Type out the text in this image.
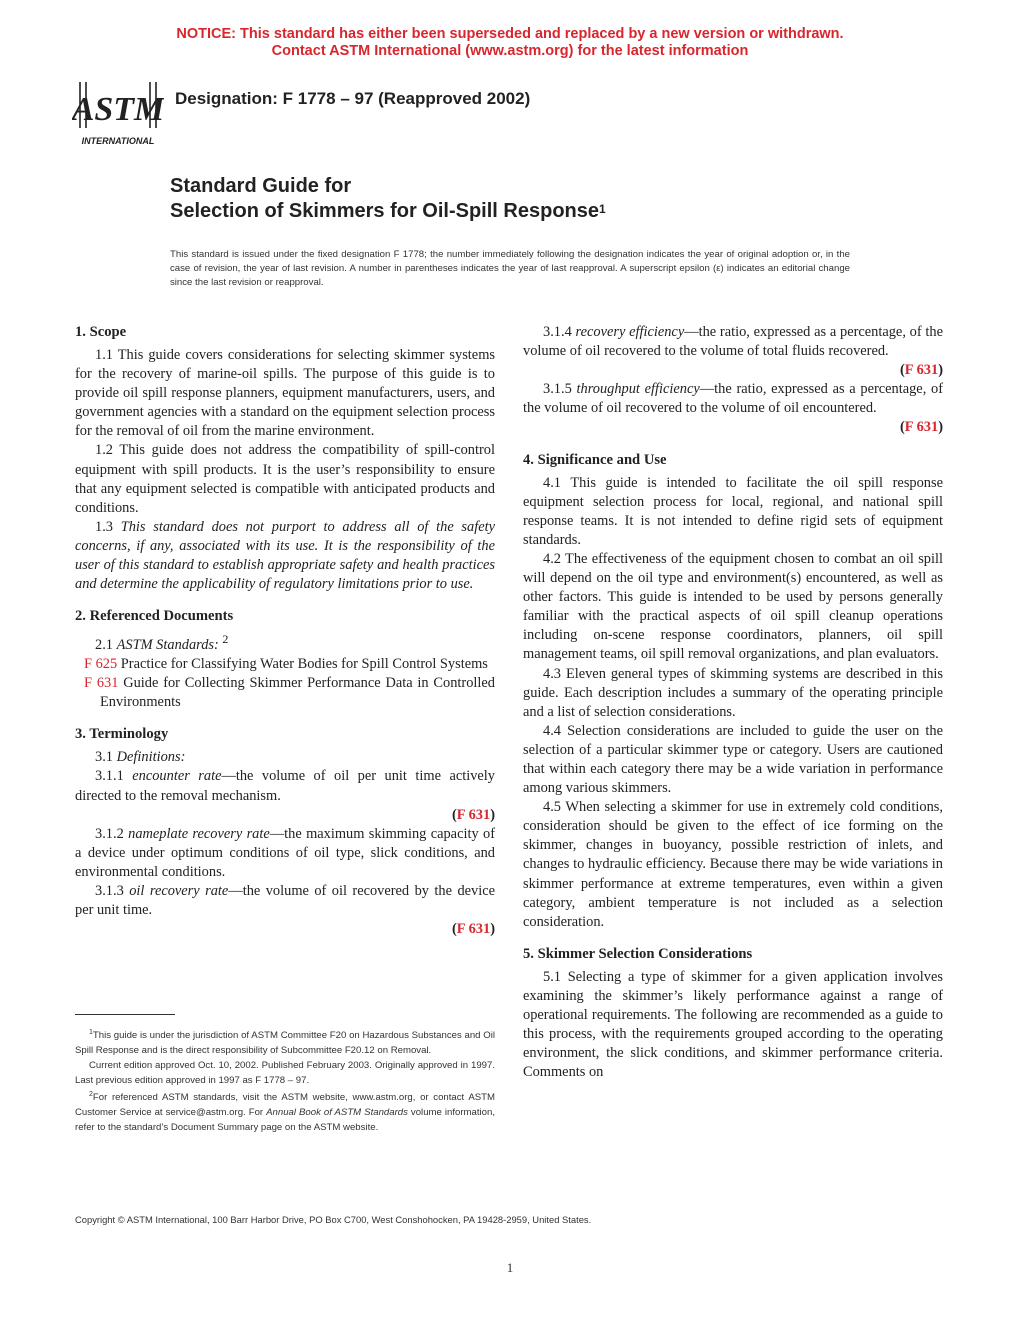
NOTICE: This standard has either been superseded and replaced by a new version or withdrawn.
Contact ASTM International (www.astm.org) for the latest information
ASTM
INTERNATIONAL
Designation: F 1778 – 97 (Reapproved 2002)
Standard Guide for
Selection of Skimmers for Oil-Spill Response$^1$
This standard is issued under the fixed designation F 1778; the number immediately following the designation indicates the year of original adoption or, in the case of revision, the year of last revision. A number in parentheses indicates the year of last reapproval. A superscript epsilon (ε) indicates an editorial change since the last revision or reapproval.
1. Scope

1.1 This guide covers considerations for selecting skimmer systems for the recovery of marine-oil spills. The purpose of this guide is to provide oil spill response planners, equipment manufacturers, users, and government agencies with a standard on the equipment selection process for the removal of oil from the marine environment.

1.2 This guide does not address the compatibility of spill-control equipment with spill products. It is the user’s responsibility to ensure that any equipment selected is compatible with anticipated products and conditions.

1.3 This standard does not purport to address all of the safety concerns, if any, associated with its use. It is the responsibility of the user of this standard to establish appropriate safety and health practices and determine the applicability of regulatory limitations prior to use.

2. Referenced Documents

2.1 ASTM Standards: $^2$

F 625 Practice for Classifying Water Bodies for Spill Control Systems

F 631 Guide for Collecting Skimmer Performance Data in Controlled Environments

3. Terminology

3.1 Definitions:

3.1.1 encounter rate—the volume of oil per unit time actively directed to the removal mechanism.

(F 631)

3.1.2 nameplate recovery rate—the maximum skimming capacity of a device under optimum conditions of oil type, slick conditions, and environmental conditions.

3.1.3 oil recovery rate—the volume of oil recovered by the device per unit time.

(F 631)

3.1.4 recovery efficiency—the ratio, expressed as a percentage, of the volume of oil recovered to the volume of total fluids recovered.

(F 631)

3.1.5 throughput efficiency—the ratio, expressed as a percentage, of the volume of oil recovered to the volume of oil encountered.

(F 631)

4. Significance and Use

4.1 This guide is intended to facilitate the oil spill response equipment selection process for local, regional, and national spill response teams. It is not intended to define rigid sets of equipment standards.

4.2 The effectiveness of the equipment chosen to combat an oil spill will depend on the oil type and environment(s) encountered, as well as other factors. This guide is intended to be used by persons generally familiar with the practical aspects of oil spill cleanup operations including on-scene response coordinators, planners, oil spill management teams, oil spill removal organizations, and plan evaluators.

4.3 Eleven general types of skimming systems are described in this guide. Each description includes a summary of the operating principle and a list of selection considerations.

4.4 Selection considerations are included to guide the user on the selection of a particular skimmer type or category. Users are cautioned that within each category there may be a wide variation in performance among various skimmers.

4.5 When selecting a skimmer for use in extremely cold conditions, consideration should be given to the effect of ice forming on the skimmer, changes in buoyancy, possible restriction of inlets, and changes to hydraulic efficiency. Because there may be wide variations in skimmer performance at extreme temperatures, even within a given category, ambient temperature is not included as a selection consideration.

5. Skimmer Selection Considerations

5.1 Selecting a type of skimmer for a given application involves examining the skimmer’s likely performance against a range of operational requirements. The following are recommended as a guide to this process, with the requirements grouped according to the operating environment, the slick conditions, and skimmer performance criteria. Comments on

$^1$This guide is under the jurisdiction of ASTM Committee F20 on Hazardous Substances and Oil Spill Response and is the direct responsibility of Subcommittee F20.12 on Removal.

Current edition approved Oct. 10, 2002. Published February 2003. Originally approved in 1997. Last previous edition approved in 1997 as F 1778 – 97.

$^2$For referenced ASTM standards, visit the ASTM website, www.astm.org, or contact ASTM Customer Service at service@astm.org. For Annual Book of ASTM Standards volume information, refer to the standard’s Document Summary page on the ASTM website.

Copyright © ASTM International, 100 Barr Harbor Drive, PO Box C700, West Conshohocken, PA 19428-2959, United States.
1
